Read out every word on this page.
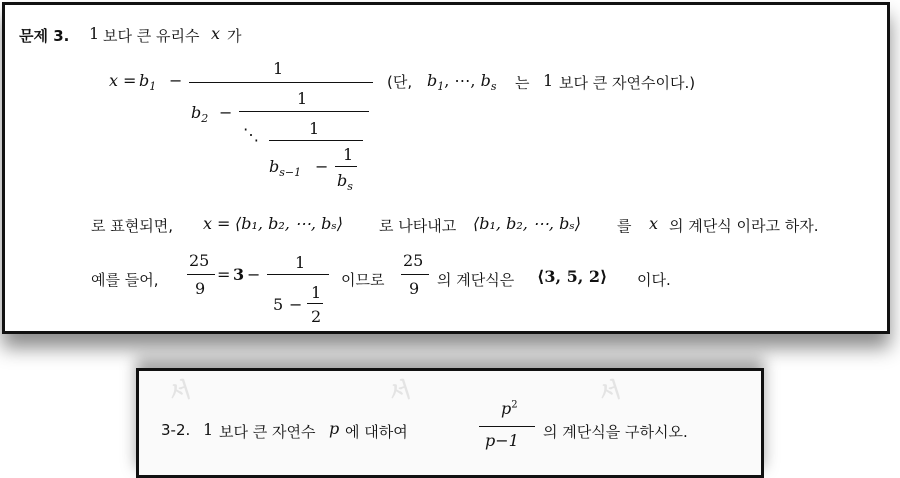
문제 3. 1 보다 큰 유리수 x 가
$x = b_1$ −
1
$b_2$ −
1
⋱	1
$b_{s-1}$ −
1
$b_s$
(단, $b_1$, ⋯, $b_s$ 는 1 보다 큰 자연수이다.)
로 표현되면, x = ⟨b₁, b₂, ⋯, bₛ⟩ 로 나타내고 ⟨b₁, b₂, ⋯, bₛ⟩ 를 x 의 계단식 이라고 하자.
예를 들어,
25
9
= 3 −
1
5 −
1
2
이므로
25
9 의 계단식은 ⟨3, 5, 2⟩ 이다.
서	서	서
3-2. 1 보다 큰 자연수 p 에 대하여
$p^2$
p−1 의 계단식을 구하시오.
